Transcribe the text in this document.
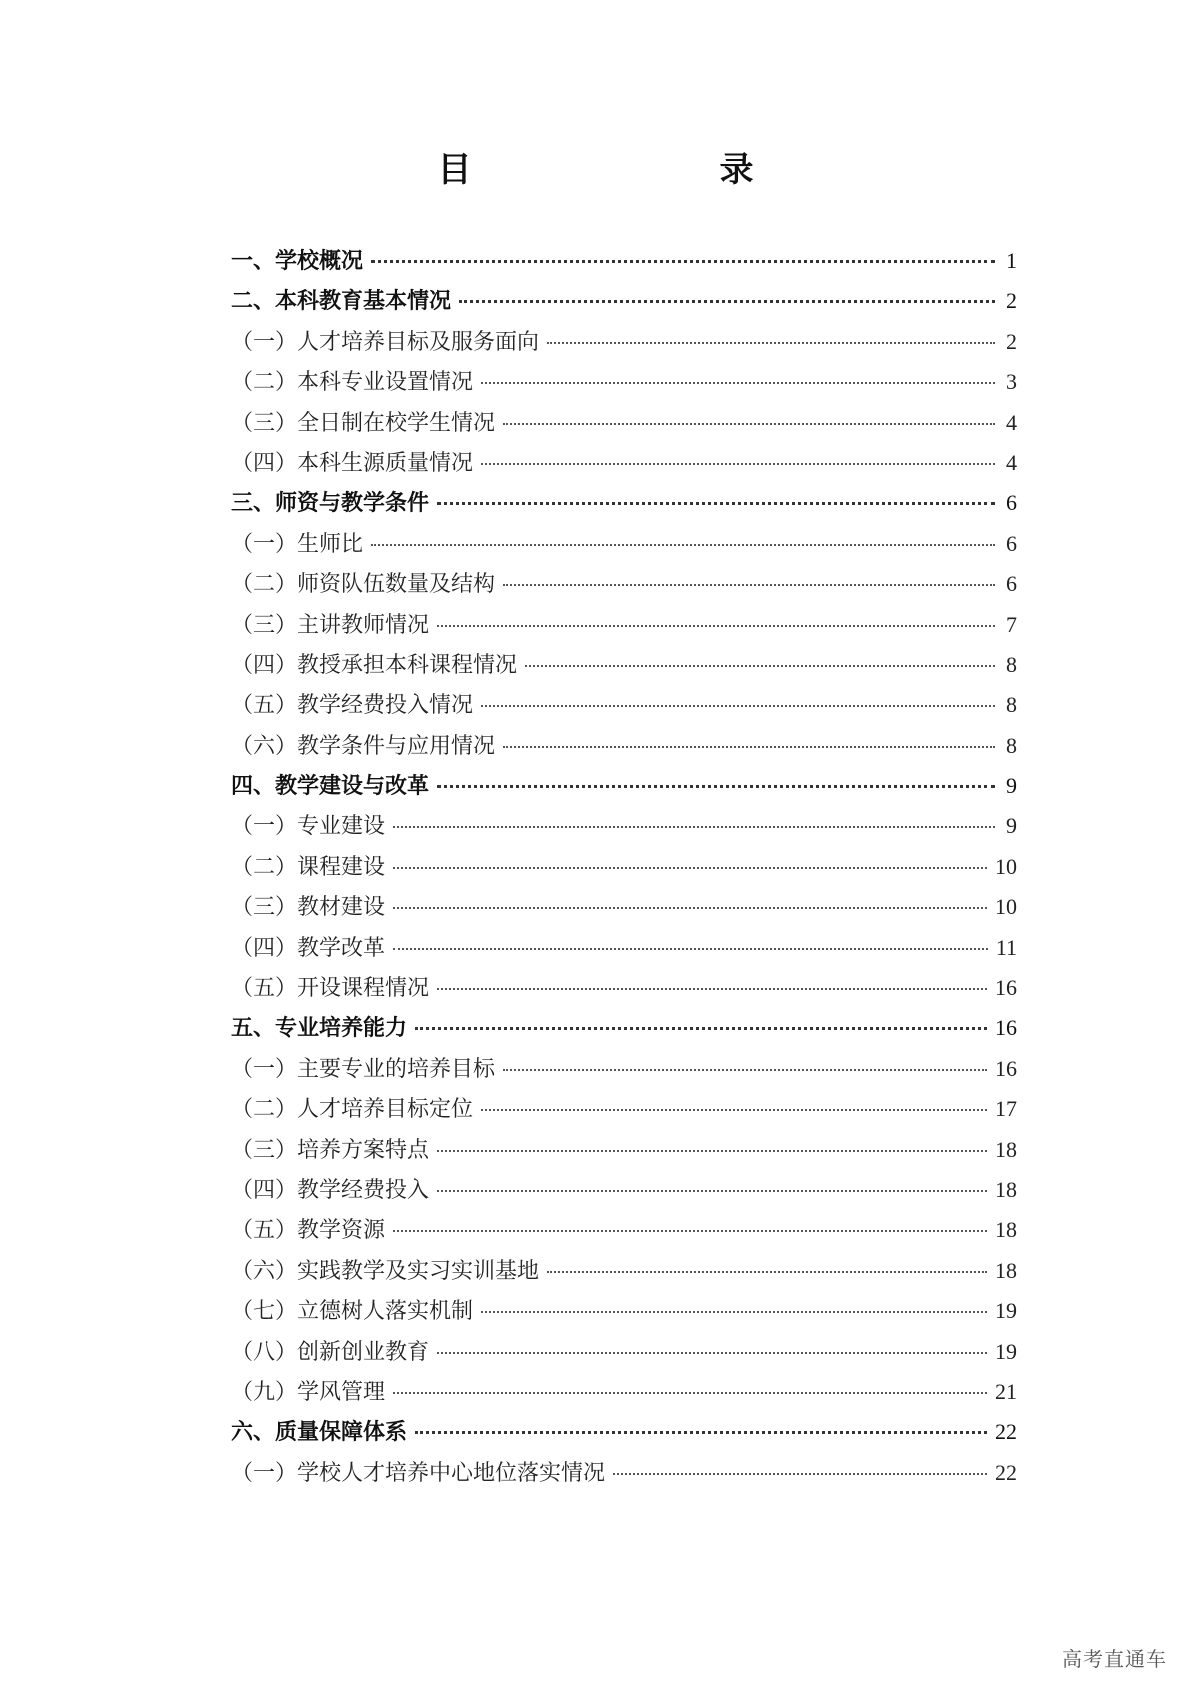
目　　录
一、学校概况	1
二、本科教育基本情况	2
（一）人才培养目标及服务面向	2
（二）本科专业设置情况	3
（三）全日制在校学生情况	4
（四）本科生源质量情况	4
三、师资与教学条件	6
（一）生师比	6
（二）师资队伍数量及结构	6
（三）主讲教师情况	7
（四）教授承担本科课程情况	8
（五）教学经费投入情况	8
（六）教学条件与应用情况	8
四、教学建设与改革	9
（一）专业建设	9
（二）课程建设	10
（三）教材建设	10
（四）教学改革	11
（五）开设课程情况	16
五、专业培养能力	16
（一）主要专业的培养目标	16
（二）人才培养目标定位	17
（三）培养方案特点	18
（四）教学经费投入	18
（五）教学资源	18
（六）实践教学及实习实训基地	18
（七）立德树人落实机制	19
（八）创新创业教育	19
（九）学风管理	21
六、质量保障体系	22
（一）学校人才培养中心地位落实情况	22
高考直通车
